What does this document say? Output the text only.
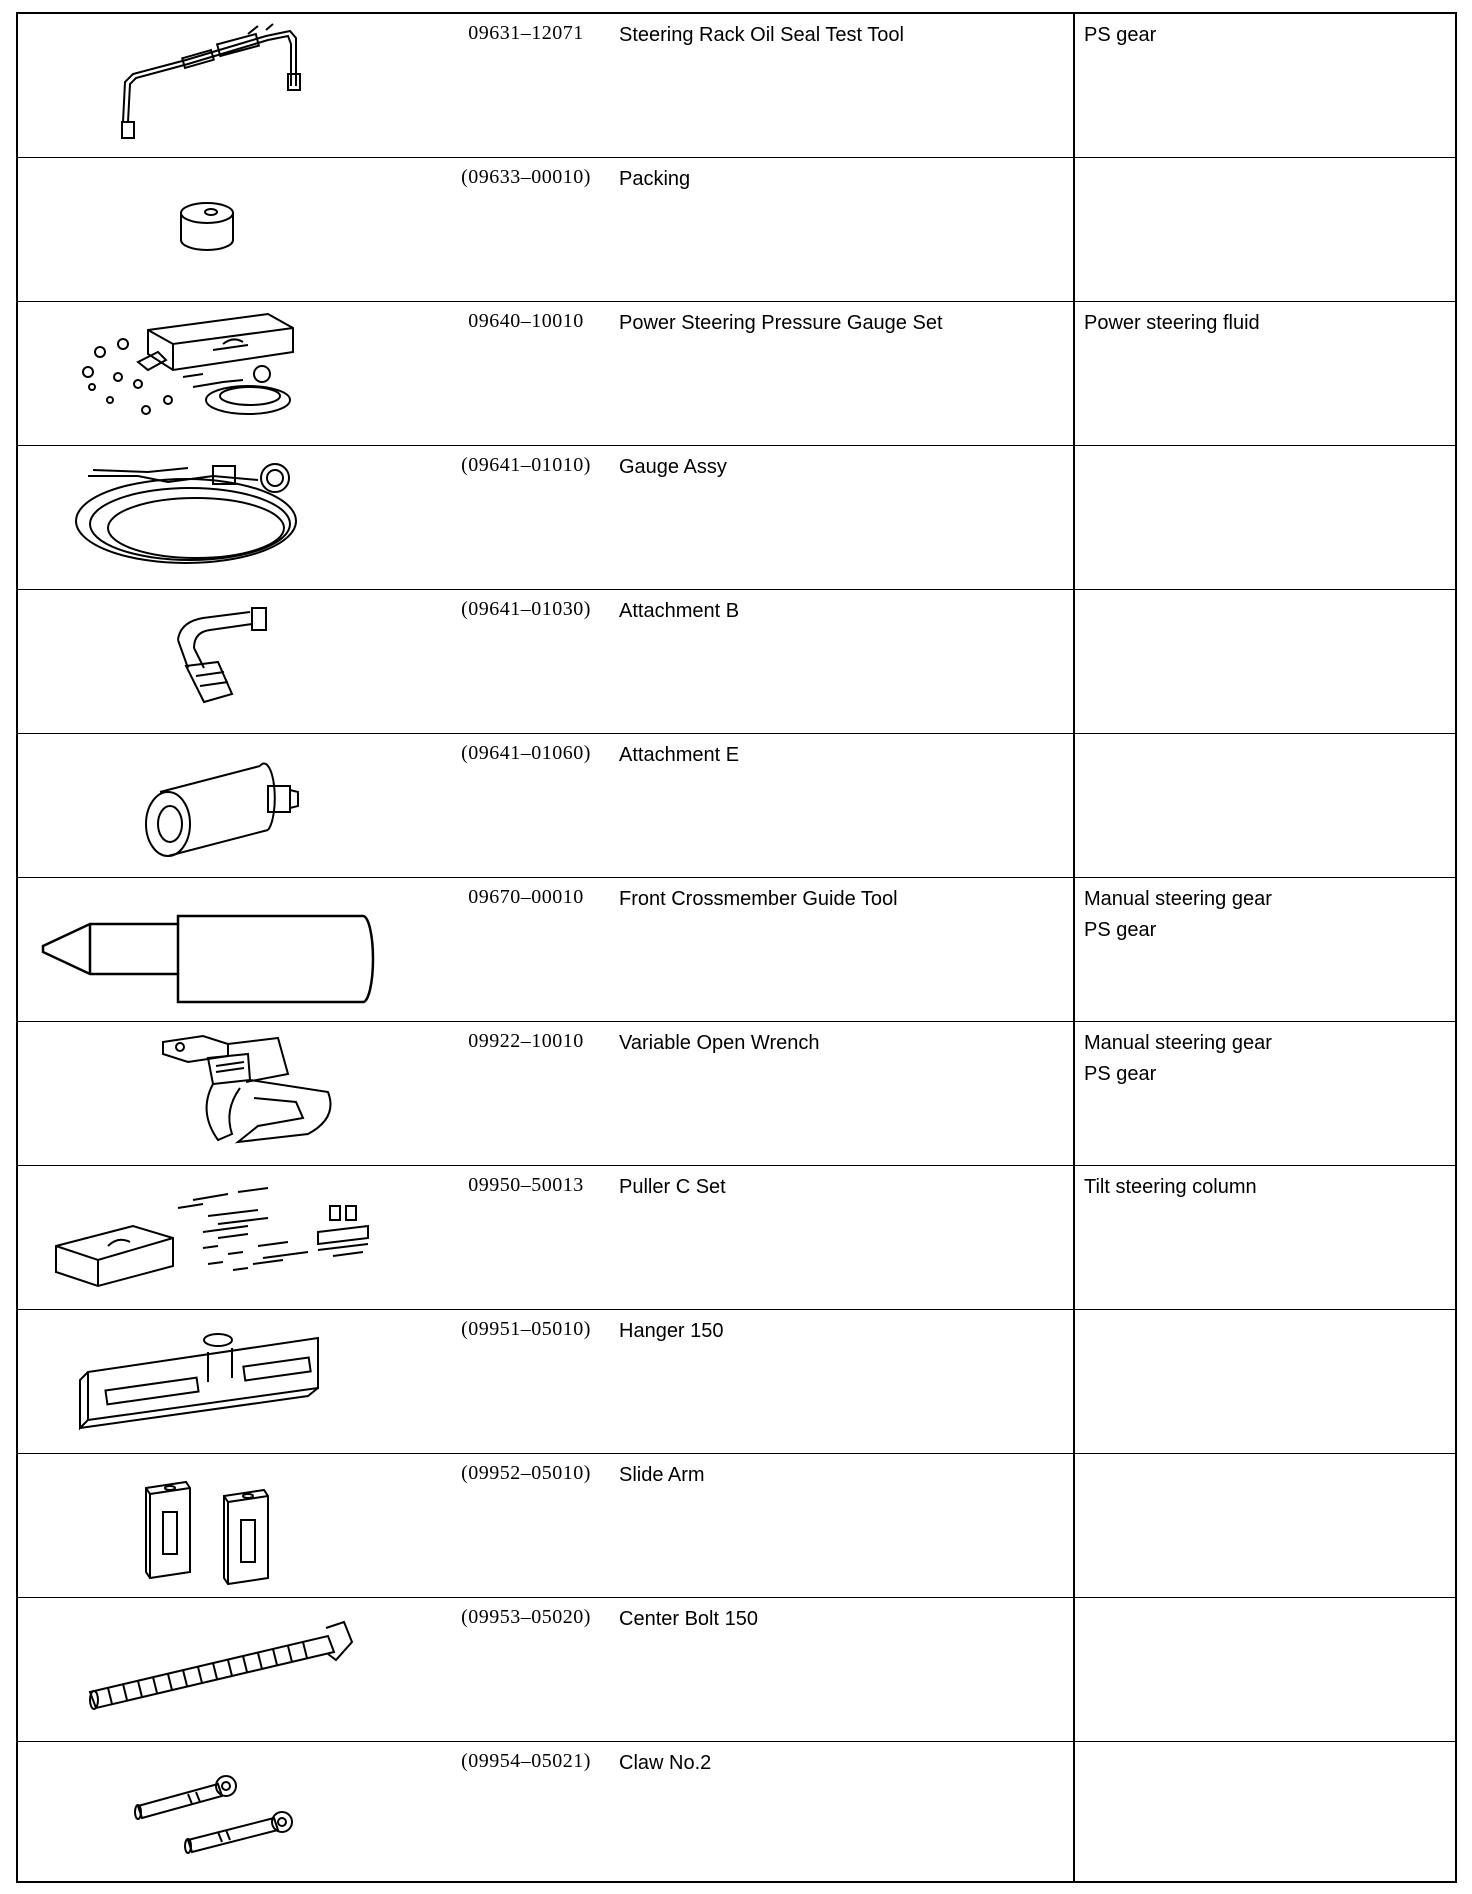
09631–12071	Steering Rack Oil Seal Test Tool	PS gear
(09633–00010)	Packing
09640–10010	Power Steering Pressure Gauge Set	Power steering fluid
(09641–01010)	Gauge Assy
(09641–01030)	Attachment B
(09641–01060)	Attachment E
09670–00010	Front Crossmember Guide Tool	Manual steering gear
PS gear
09922–10010	Variable Open Wrench	Manual steering gear
PS gear
09950–50013	Puller C Set	Tilt steering column
(09951–05010)	Hanger 150
(09952–05010)	Slide Arm
(09953–05020)	Center Bolt 150
(09954–05021)	Claw No.2
